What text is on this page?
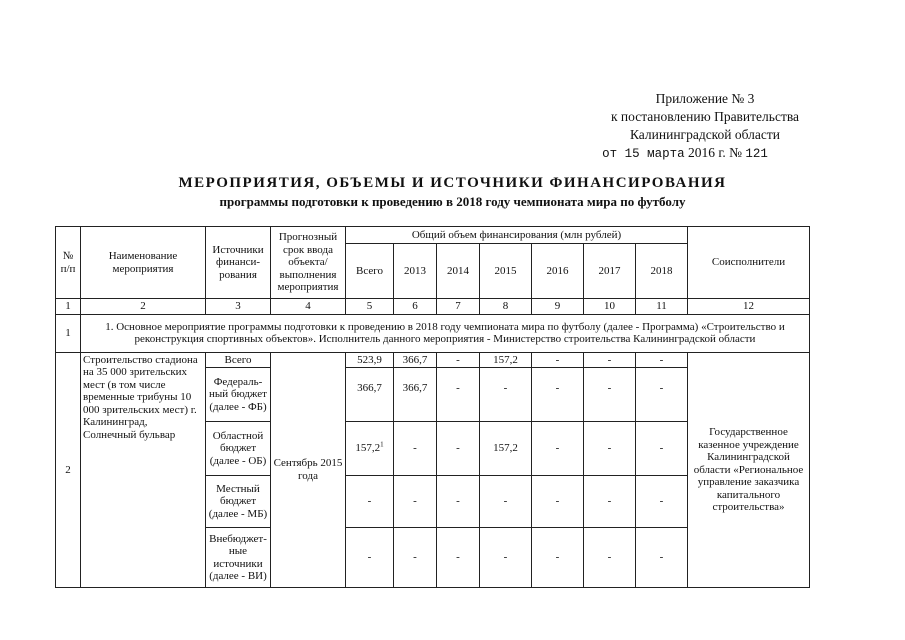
Приложение № 3
к постановлению Правительства
Калининградской области
от 15 марта 2016 г. № 121
МЕРОПРИЯТИЯ, ОБЪЕМЫ И ИСТОЧНИКИ ФИНАНСИРОВАНИЯ
программы подготовки к проведению в 2018 году чемпионата мира по футболу
№ п/п	Наименование мероприятия	Источники финанси-рования	Прогнозный срок ввода объекта/ выполнения мероприятия	Общий объем финансирования (млн рублей)							Соисполнители
				Всего	2013	2014	2015	2016	2017	2018	
1	2	3	4	5	6	7	8	9	10	11	12
1	1. Основное мероприятие программы подготовки к проведению в 2018 году чемпионата мира по футболу (далее - Программа) «Строительство и реконструкция спортивных объектов». Исполнитель данного мероприятия - Министерство строительства Калининградской области										
2	Строительство стадиона на 35 000 зрительских мест (в том числе временные трибуны 10 000 зрительских мест) г. Калининград, Солнечный бульвар	Всего	Сентябрь 2015 года	523,9	366,7	-	157,2	-	-	-	Государственное казенное учреждение Калининградской области «Региональное управление заказчика капитального строительства»
		Федераль-ный бюджет (далее - ФБ)		366,7	366,7	-	-	-	-	-	
		Областной бюджет (далее - ОБ)		157,2$^1$	-	-	157,2	-	-	-	
		Местный бюджет (далее - МБ)		-	-	-	-	-	-	-	
		Внебюджет-ные источники (далее - ВИ)		-	-	-	-	-	-	-	
